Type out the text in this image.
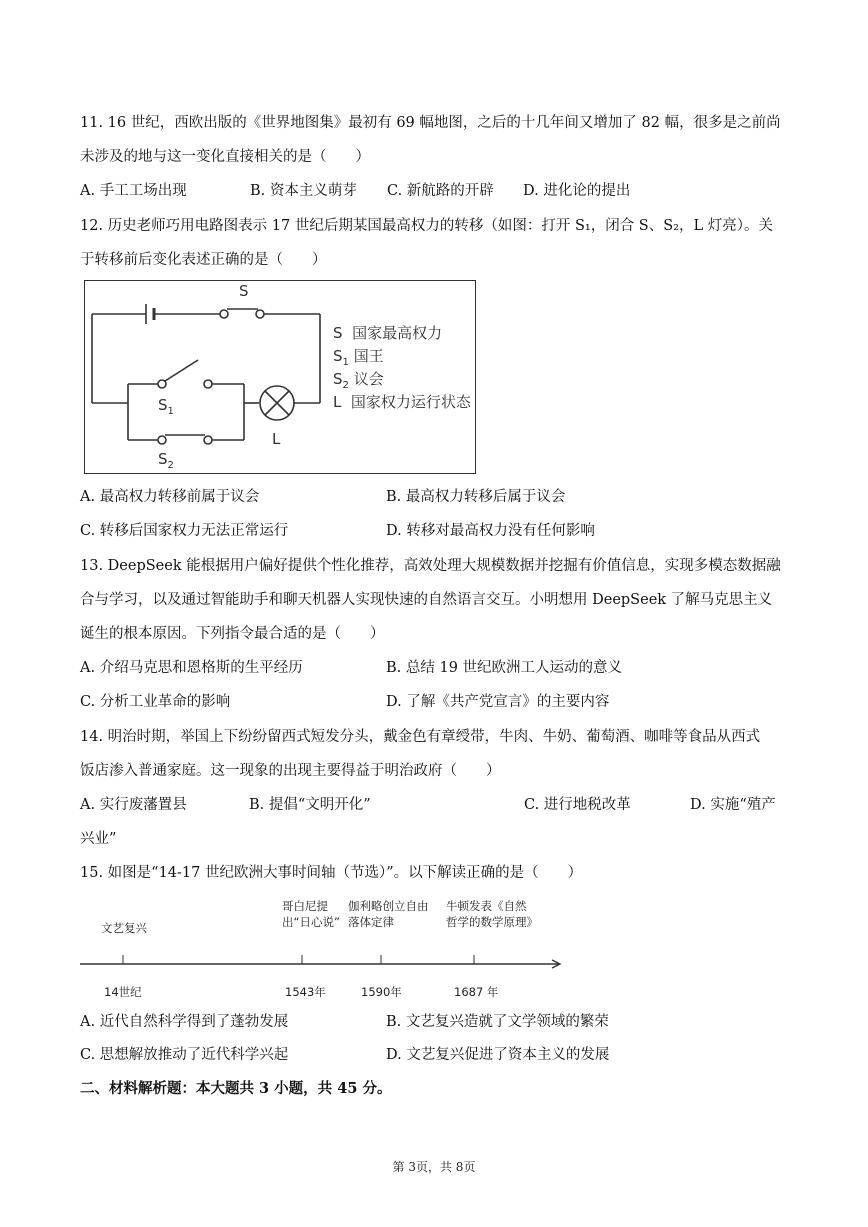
11. 16 世纪，西欧出版的《世界地图集》最初有 69 幅地图，之后的十几年间又增加了 82 幅，很多是之前尚
未涉及的地与这一变化直接相关的是（　　）
A. 手工工场出现	B. 资本主义萌芽 C. 新航路的开辟 D. 进化论的提出
12. 历史老师巧用电路图表示 17 世纪后期某国最高权力的转移（如图：打开 S₁，闭合 S、S₂，L 灯亮）。关
于转移前后变化表述正确的是（　　）
S
$S_1$
$S_2$
L
S 国家最高权力
$S_1$ 国王
$S_2$ 议会
L 国家权力运行状态
A. 最高权力转移前属于议会	B. 最高权力转移后属于议会
C. 转移后国家权力无法正常运行	D. 转移对最高权力没有任何影响
13. DeepSeek 能根据用户偏好提供个性化推荐，高效处理大规模数据并挖掘有价值信息，实现多模态数据融
合与学习，以及通过智能助手和聊天机器人实现快速的自然语言交互。小明想用 DeepSeek 了解马克思主义
诞生的根本原因。下列指令最合适的是（　　）
A. 介绍马克思和恩格斯的生平经历	B. 总结 19 世纪欧洲工人运动的意义
C. 分析工业革命的影响	D. 了解《共产党宣言》的主要内容
14. 明治时期，举国上下纷纷留西式短发分头，戴金色有章绶带，牛肉、牛奶、葡萄酒、咖啡等食品从西式
饭店渗入普通家庭。这一现象的出现主要得益于明治政府（　　）
A. 实行废藩置县	B. 提倡“文明开化”	C. 进行地税改革	D. 实施“殖产
兴业”
15. 如图是“14-17 世纪欧洲大事时间轴（节选）”。以下解读正确的是（　　）
文艺复兴
哥白尼提
出“日心说”
伽利略创立自由
落体定律
牛顿发表《自然
哲学的数学原理》
14世纪	1543年	1590年	1687 年
A. 近代自然科学得到了蓬勃发展	B. 文艺复兴造就了文学领域的繁荣
C. 思想解放推动了近代科学兴起	D. 文艺复兴促进了资本主义的发展
二、材料解析题：本大题共 3 小题，共 45 分。
第 3页，共 8页
